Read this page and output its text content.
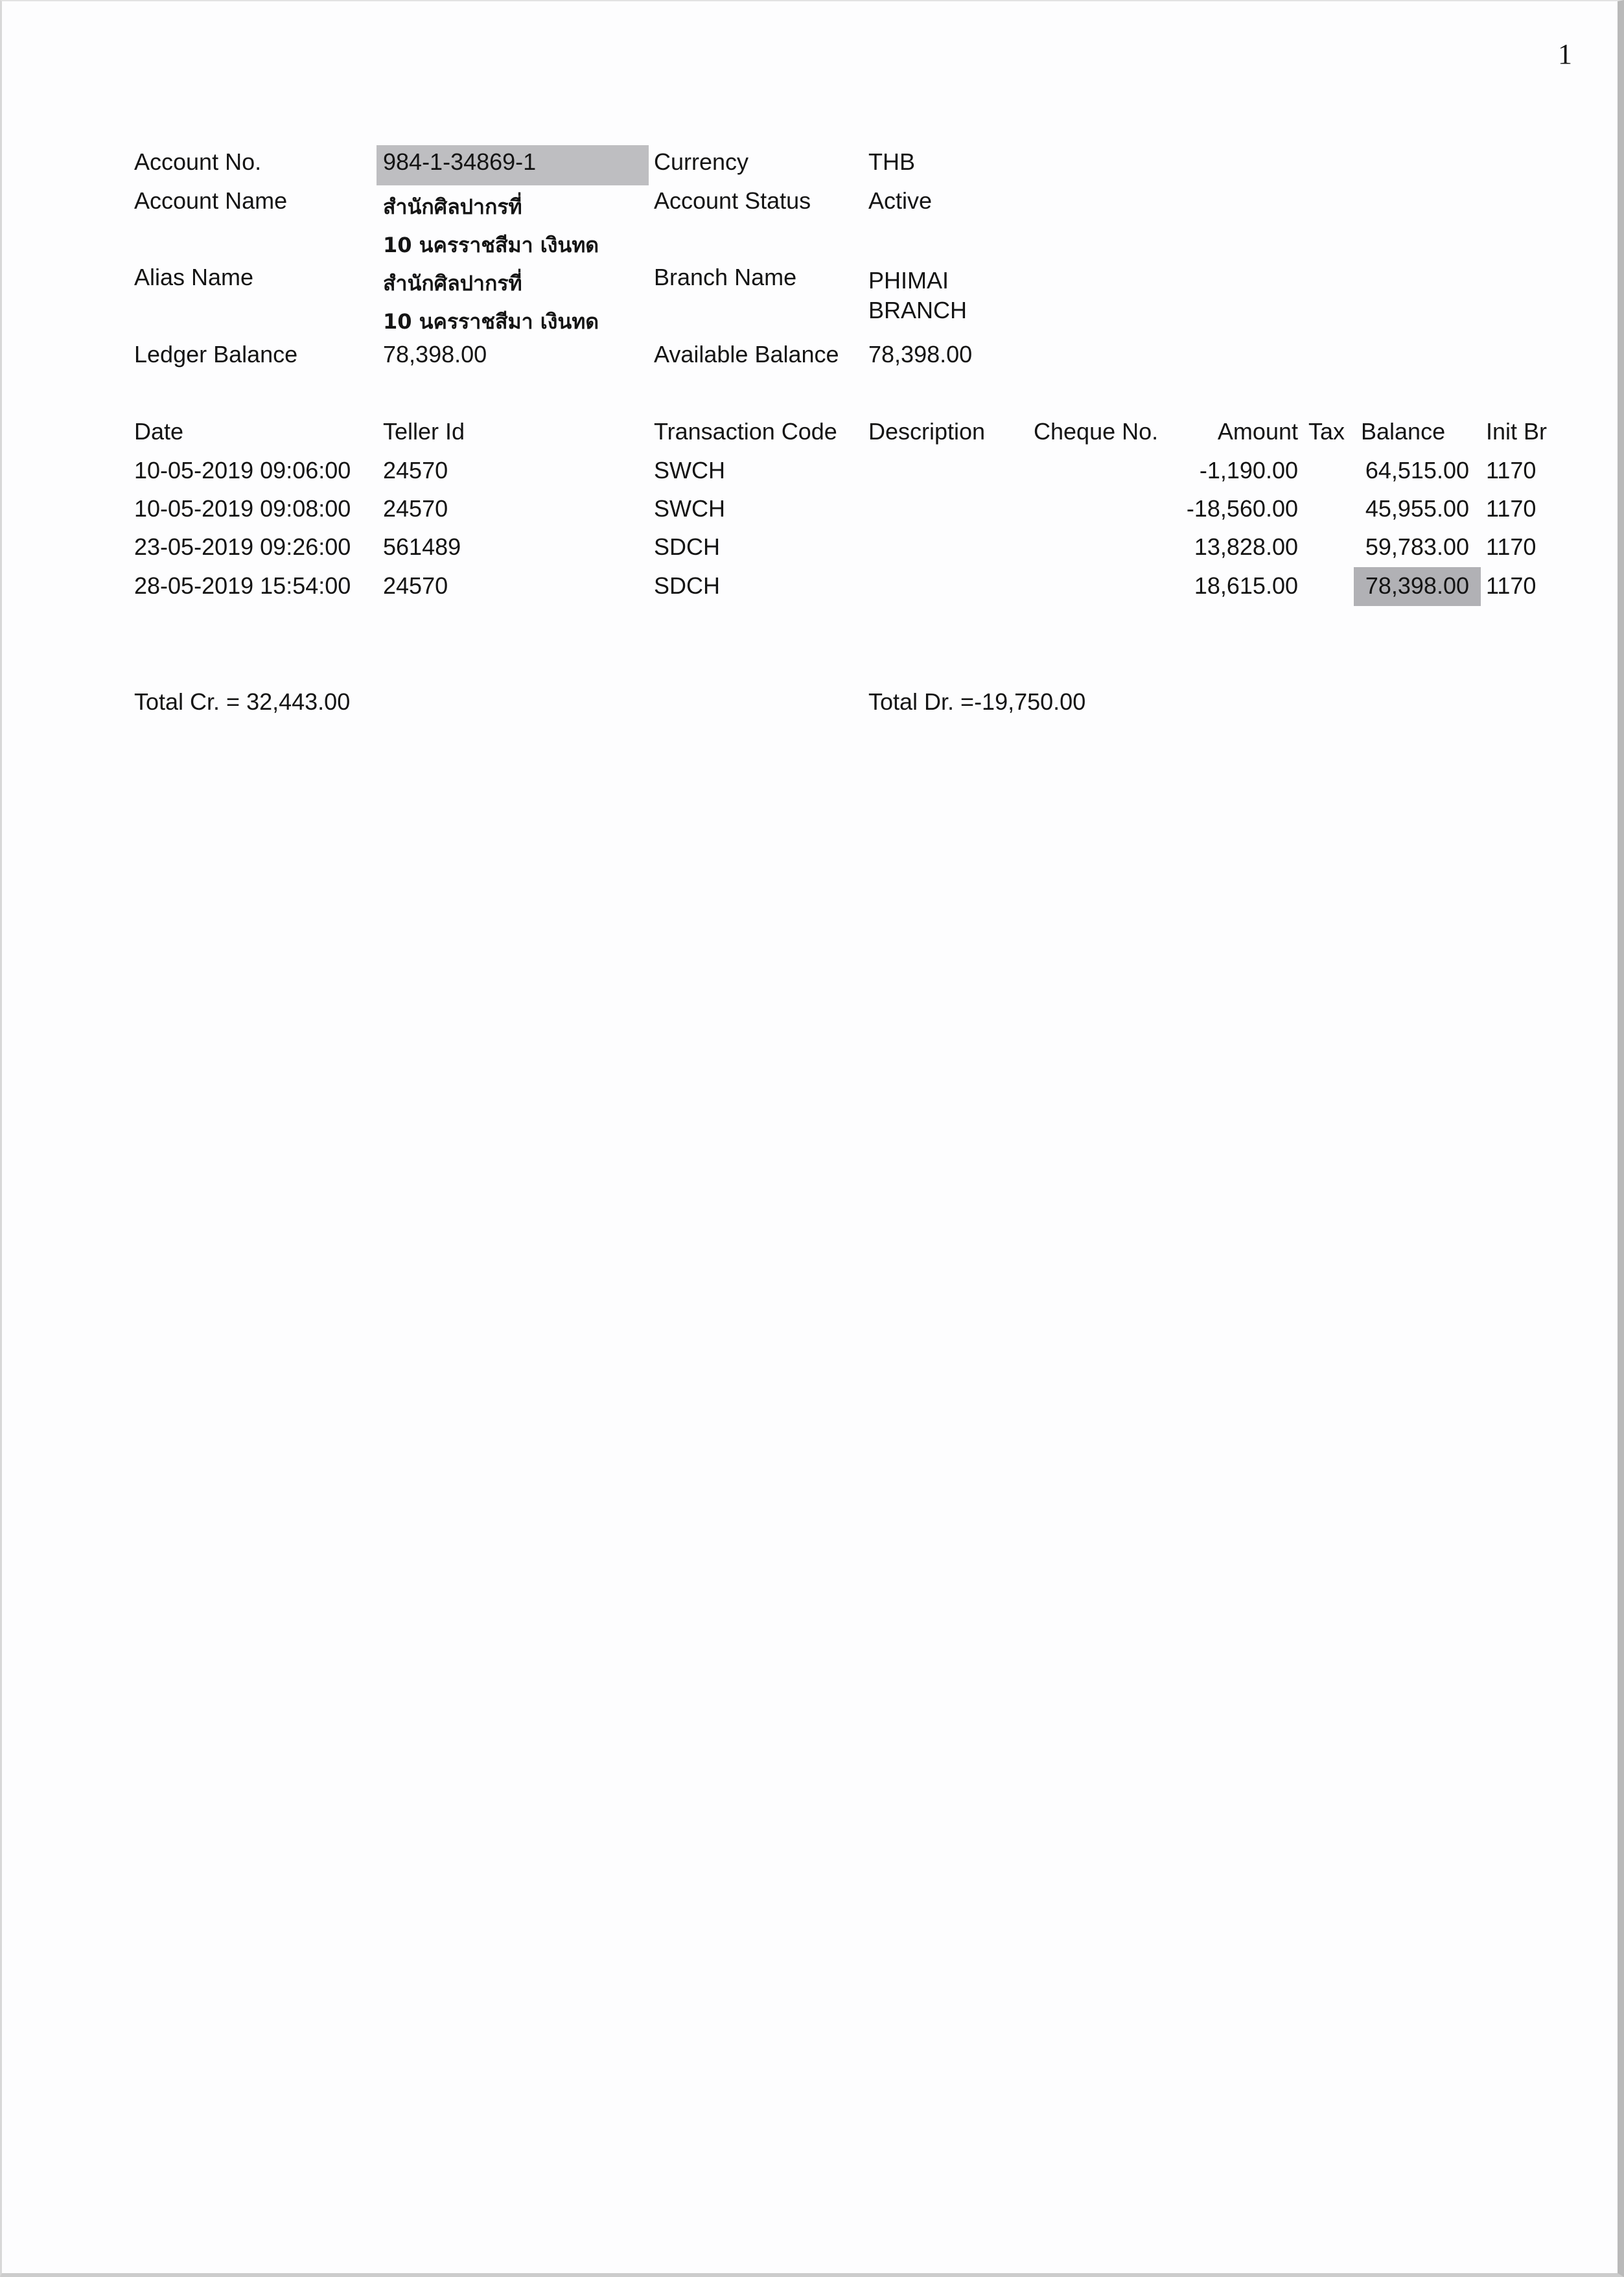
1
Account No.	984-1-34869-1	Currency	THB
Account Name	สำนักศิลปากรที่
10 นครราชสีมา เงินทด
Account Status Active
Alias Name	สำนักศิลปากรที่
10 นครราชสีมา เงินทด
Branch Name	PHIMAI
BRANCH
Ledger Balance	78,398.00	Available Balance 78,398.00
Date	Teller Id	Transaction Code Description Cheque No.	Amount Tax Balance Init Br
10-05-2019 09:06:00 24570	SWCH	-1,190.00	64,515.00 1170
10-05-2019 09:08:00 24570	SWCH	-18,560.00	45,955.00 1170
23-05-2019 09:26:00 561489	SDCH	13,828.00	59,783.00 1170
28-05-2019 15:54:00 24570	SDCH	18,615.00	78,398.00 1170
Total Cr. = 32,443.00	Total Dr. =-19,750.00
